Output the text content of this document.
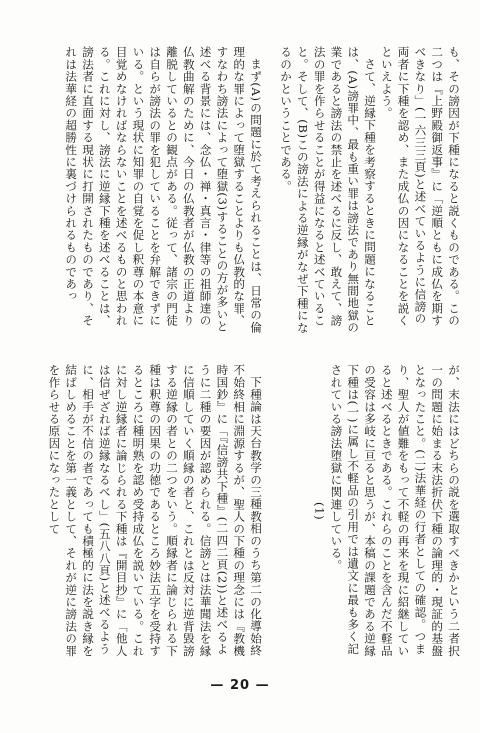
も、その謗因が下種になると説くものである。この二つは『上野殿御返事』に「逆順ともに成仏を期すべきなり」(一六三三頁)と述べているように信謗の両者に下種を認め、また成仏の因になることを説くといえよう。

さて、逆縁下種を考察するときに問題になることは、(A)謗罪中、最も重い罪は謗法であり無間地獄の業であると謗法の禁止を述べるに反し、敢えて、謗法の罪を作らせることが得益になると述べていること。そして、(B)この謗法による逆縁がなぜ下種になるのかということである。

が、末法にはどちらの説を選取すべきかという二者択一の問題に始まる末法折伏下種の論理的・現証的基盤となったこと。(二)法華経の行者としての確認。つまり、聖人が値難をもって不軽の再来を現に紹継していると述べるときである。これらのことを含んだ不軽品の受容は多岐に亘ると思うが、本稿の課題である逆縁下種は(一)に属し不軽品の引用では遺文に最も多く記されている謗法堕獄に関連している。

(1)

下種論は天台教学の三種教相のうち第二の化導始終不始終相に淵源するが、聖人の下種の理念には『教機時国鈔』に「『信謗共下種』(二四二頁(2))と述べるように二種の要因が認められる。信謗とは法華聞法を縁に信順していく順縁の者と、これとは反対に逆背毀謗する逆縁の者との二つをいう。順縁者に論じられる下種は釈尊の因果の功徳であるところ妙法五字を受持するところに種明熟を認め受持成仏を説いている。これに対し逆縁者に論じられる下種は『開目抄』に「他人は信ぜざれば逆縁なるべし」(五八八頁)と述べるように、相手が不信の者であっても積極的に法を説き縁を結ばしめることを第一義として、それが逆に謗法の罪を作らせる原因になったとして

まず(A)の問題に於て考えられることは、日常の倫理的な罪によって堕獄することよりも仏教的な罪、すなわち謗法によって堕獄(3)することの方が多いと述べる背景には、念仏・禅・真言・律等の祖師達の仏教曲解のために、今日の仏教者が仏教の正道より離脱しているとの観点がある。従って、諸宗の門徒は自らが謗法の罪を犯していることを弁解できずにいる。という現状に知罪の自覚を促し釈尊の本意に目覚めなければならないことを述べるものと思われる。これに対し、謗法に逆縁下種を述べることは、謗法者に直面する現状に打開されたものであり、それは法華経の超勝性に裏づけられるものであっ

— 20 —
